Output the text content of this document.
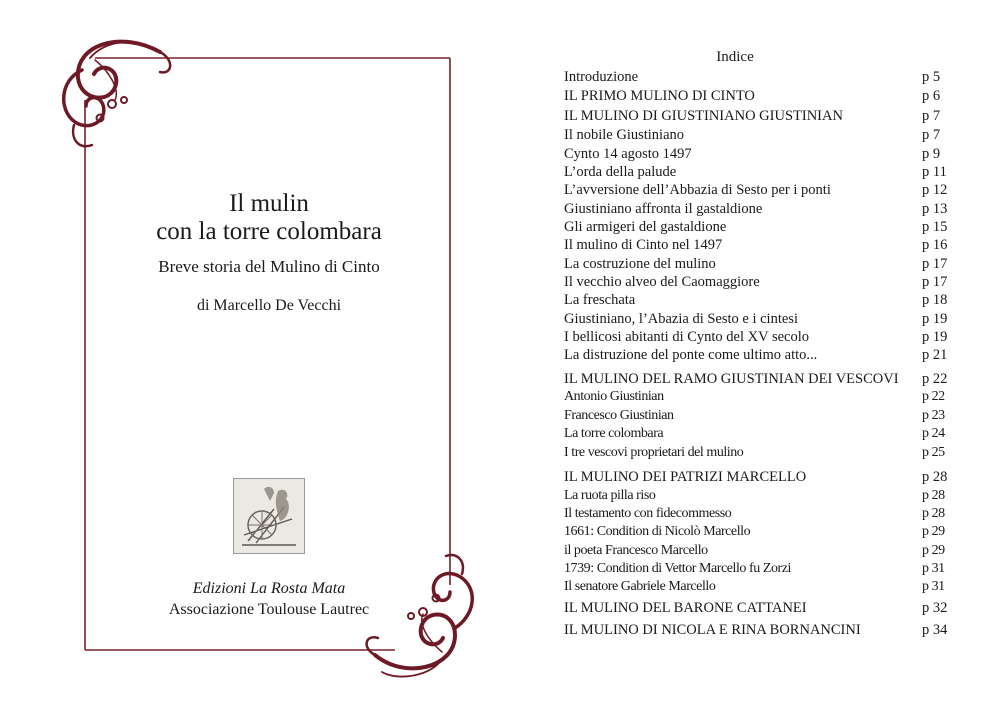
Il mulin
con la torre colombara
Breve storia del Mulino di Cinto
di Marcello De Vecchi
Edizioni La Rosta Mata
Associazione Toulouse Lautrec
Indice
Introduzione	p 5
IL PRIMO MULINO DI CINTO	p 6
IL MULINO DI GIUSTINIANO GIUSTINIAN	p 7
Il nobile Giustiniano	p 7
Cynto 14 agosto 1497	p 9
L’orda della palude	p 11
L’avversione dell’Abbazia di Sesto per i ponti	p 12
Giustiniano affronta il gastaldione	p 13
Gli armigeri del gastaldione	p 15
Il mulino di Cinto nel 1497	p 16
La costruzione del mulino	p 17
Il vecchio alveo del Caomaggiore	p 17
La freschata	p 18
Giustiniano, l’Abazia di Sesto e i cintesi	p 19
I bellicosi abitanti di Cynto del XV secolo	p 19
La distruzione del ponte come ultimo atto...	p 21
IL MULINO DEL RAMO GIUSTINIAN DEI VESCOVI p 22
Antonio Giustinian	p 22
Francesco Giustinian	p 23
La torre colombara	p 24
I tre vescovi proprietari del mulino	p 25
IL MULINO DEI PATRIZI MARCELLO	p 28
La ruota pilla riso	p 28
Il testamento con fidecommesso	p 28
1661: Condition di Nicolò Marcello	p 29
il poeta Francesco Marcello	p 29
1739: Condition di Vettor Marcello fu Zorzi	p 31
Il senatore Gabriele Marcello	p 31
IL MULINO DEL BARONE CATTANEI	p 32
IL MULINO DI NICOLA E RINA BORNANCINI	p 34
